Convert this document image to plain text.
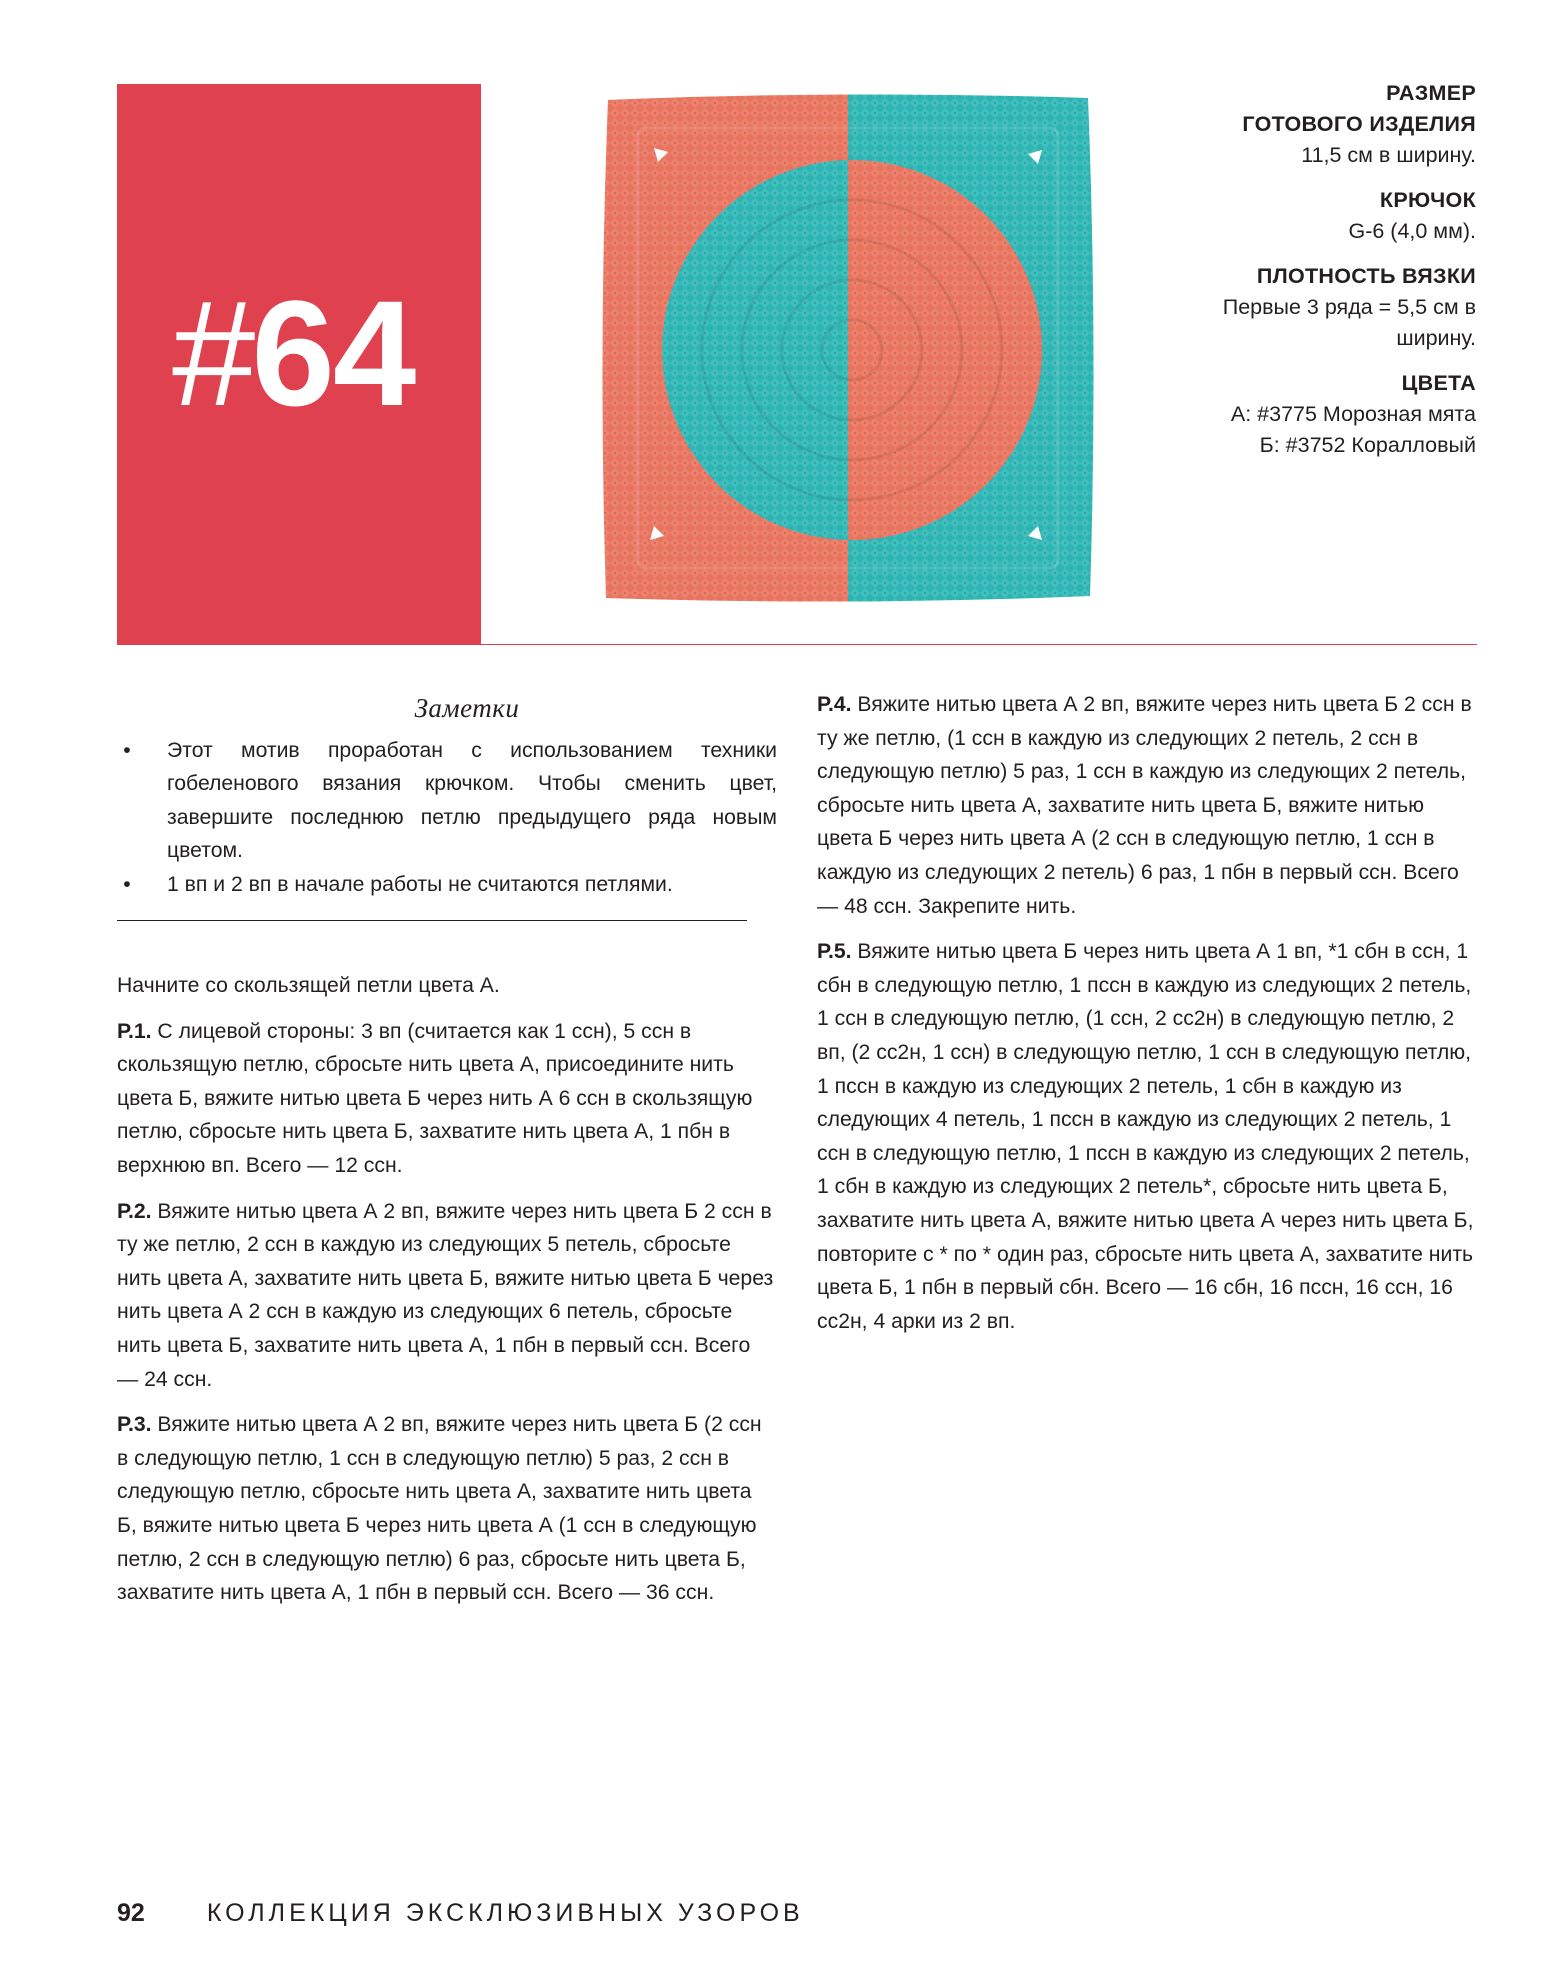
#64
РАЗМЕР
ГОТОВОГО ИЗДЕЛИЯ
11,5 см в ширину.
КРЮЧОК
G-6 (4,0 мм).
ПЛОТНОСТЬ ВЯЗКИ
Первые 3 ряда = 5,5 см в
ширину.
ЦВЕТА
А: #3775 Морозная мята
Б: #3752 Коралловый
Заметки
• Этот мотив проработан с использованием техники гобеленового вязания крючком. Чтобы сменить цвет, завершите последнюю петлю предыдущего ряда новым цветом.
• 1 вп и 2 вп в начале работы не считаются петлями.

Начните со скользящей петли цвета А.

Р.1. С лицевой стороны: 3 вп (считается как 1 ссн), 5 ссн в скользящую петлю, сбросьте нить цвета А, присоедините нить цвета Б, вяжите нитью цвета Б через нить А 6 ссн в скользящую петлю, сбросьте нить цвета Б, захватите нить цвета А, 1 пбн в верхнюю вп. Всего — 12 ссн.

Р.2. Вяжите нитью цвета А 2 вп, вяжите через нить цвета Б 2 ссн в ту же петлю, 2 ссн в каждую из следующих 5 петель, сбросьте нить цвета А, захватите нить цвета Б, вяжите нитью цвета Б через нить цвета А 2 ссн в каждую из следующих 6 петель, сбросьте нить цвета Б, захватите нить цвета А, 1 пбн в первый ссн. Всего — 24 ссн.

Р.3. Вяжите нитью цвета А 2 вп, вяжите через нить цвета Б (2 ссн в следующую петлю, 1 ссн в следующую петлю) 5 раз, 2 ссн в следующую петлю, сбросьте нить цвета А, захватите нить цвета Б, вяжите нитью цвета Б через нить цвета А (1 ссн в следующую петлю, 2 ссн в следующую петлю) 6 раз, сбросьте нить цвета Б, захватите нить цвета А, 1 пбн в первый ссн. Всего — 36 ссн.

Р.4. Вяжите нитью цвета А 2 вп, вяжите через нить цвета Б 2 ссн в ту же петлю, (1 ссн в каждую из следующих 2 петель, 2 ссн в следующую петлю) 5 раз, 1 ссн в каждую из следующих 2 петель, сбросьте нить цвета А, захватите нить цвета Б, вяжите нитью цвета Б через нить цвета А (2 ссн в следующую петлю, 1 ссн в каждую из следующих 2 петель) 6 раз, 1 пбн в первый ссн. Всего — 48 ссн. Закрепите нить.

Р.5. Вяжите нитью цвета Б через нить цвета А 1 вп, *1 сбн в ссн, 1 сбн в следующую петлю, 1 пссн в каждую из следующих 2 петель, 1 ссн в следующую петлю, (1 ссн, 2 сс2н) в следующую петлю, 2 вп, (2 сс2н, 1 ссн) в следующую петлю, 1 ссн в следующую петлю, 1 пссн в каждую из следующих 2 петель, 1 сбн в каждую из следующих 4 петель, 1 пссн в каждую из следующих 2 петель, 1 ссн в следующую петлю, 1 пссн в каждую из следующих 2 петель, 1 сбн в каждую из следующих 2 петель*, сбросьте нить цвета Б, захватите нить цвета А, вяжите нитью цвета А через нить цвета Б, повторите с * по * один раз, сбросьте нить цвета А, захватите нить цвета Б, 1 пбн в первый сбн. Всего — 16 сбн, 16 пссн, 16 ссн, 16 сс2н, 4 арки из 2 вп.

92 КОЛЛЕКЦИЯ ЭКСКЛЮЗИВНЫХ УЗОРОВ
